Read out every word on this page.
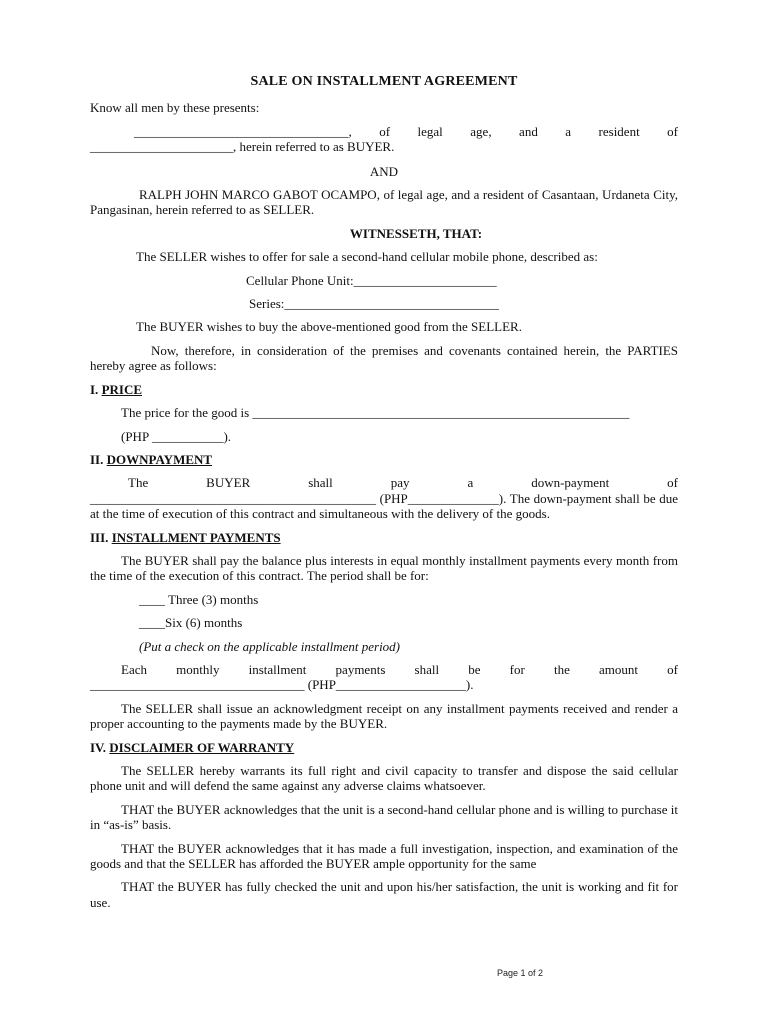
SALE ON INSTALLMENT AGREEMENT

Know all men by these presents:

_________________________________, of legal age, and a resident of

______________________, herein referred to as BUYER.

AND

RALPH JOHN MARCO GABOT OCAMPO, of legal age, and a resident of Casantaan, Urdaneta City, Pangasinan, herein referred to as SELLER.

WITNESSETH, THAT:

The SELLER wishes to offer for sale a second-hand cellular mobile phone, described as:

Cellular Phone Unit:______________________

Series:_________________________________

The BUYER wishes to buy the above-mentioned good from the SELLER.

Now, therefore, in consideration of the premises and covenants contained herein, the PARTIES hereby agree as follows:

I. PRICE

The price for the good is __________________________________________________________

(PHP ___________).

II. DOWNPAYMENT

The BUYER shall pay a down-payment of

____________________________________________ (PHP______________). The down-payment shall be due at the time of execution of this contract and simultaneous with the delivery of the goods.

III. INSTALLMENT PAYMENTS

The BUYER shall pay the balance plus interests in equal monthly installment payments every month from the time of the execution of this contract. The period shall be for:

____ Three (3) months

____Six (6) months

(Put a check on the applicable installment period)

Each monthly installment payments shall be for the amount of

_________________________________ (PHP____________________).

The SELLER shall issue an acknowledgment receipt on any installment payments received and render a proper accounting to the payments made by the BUYER.

IV. DISCLAIMER OF WARRANTY

The SELLER hereby warrants its full right and civil capacity to transfer and dispose the said cellular phone unit and will defend the same against any adverse claims whatsoever.

THAT the BUYER acknowledges that the unit is a second-hand cellular phone and is willing to purchase it in “as-is” basis.

THAT the BUYER acknowledges that it has made a full investigation, inspection, and examination of the goods and that the SELLER has afforded the BUYER ample opportunity for the same

THAT the BUYER has fully checked the unit and upon his/her satisfaction, the unit is working and fit for use.

Page 1 of 2
